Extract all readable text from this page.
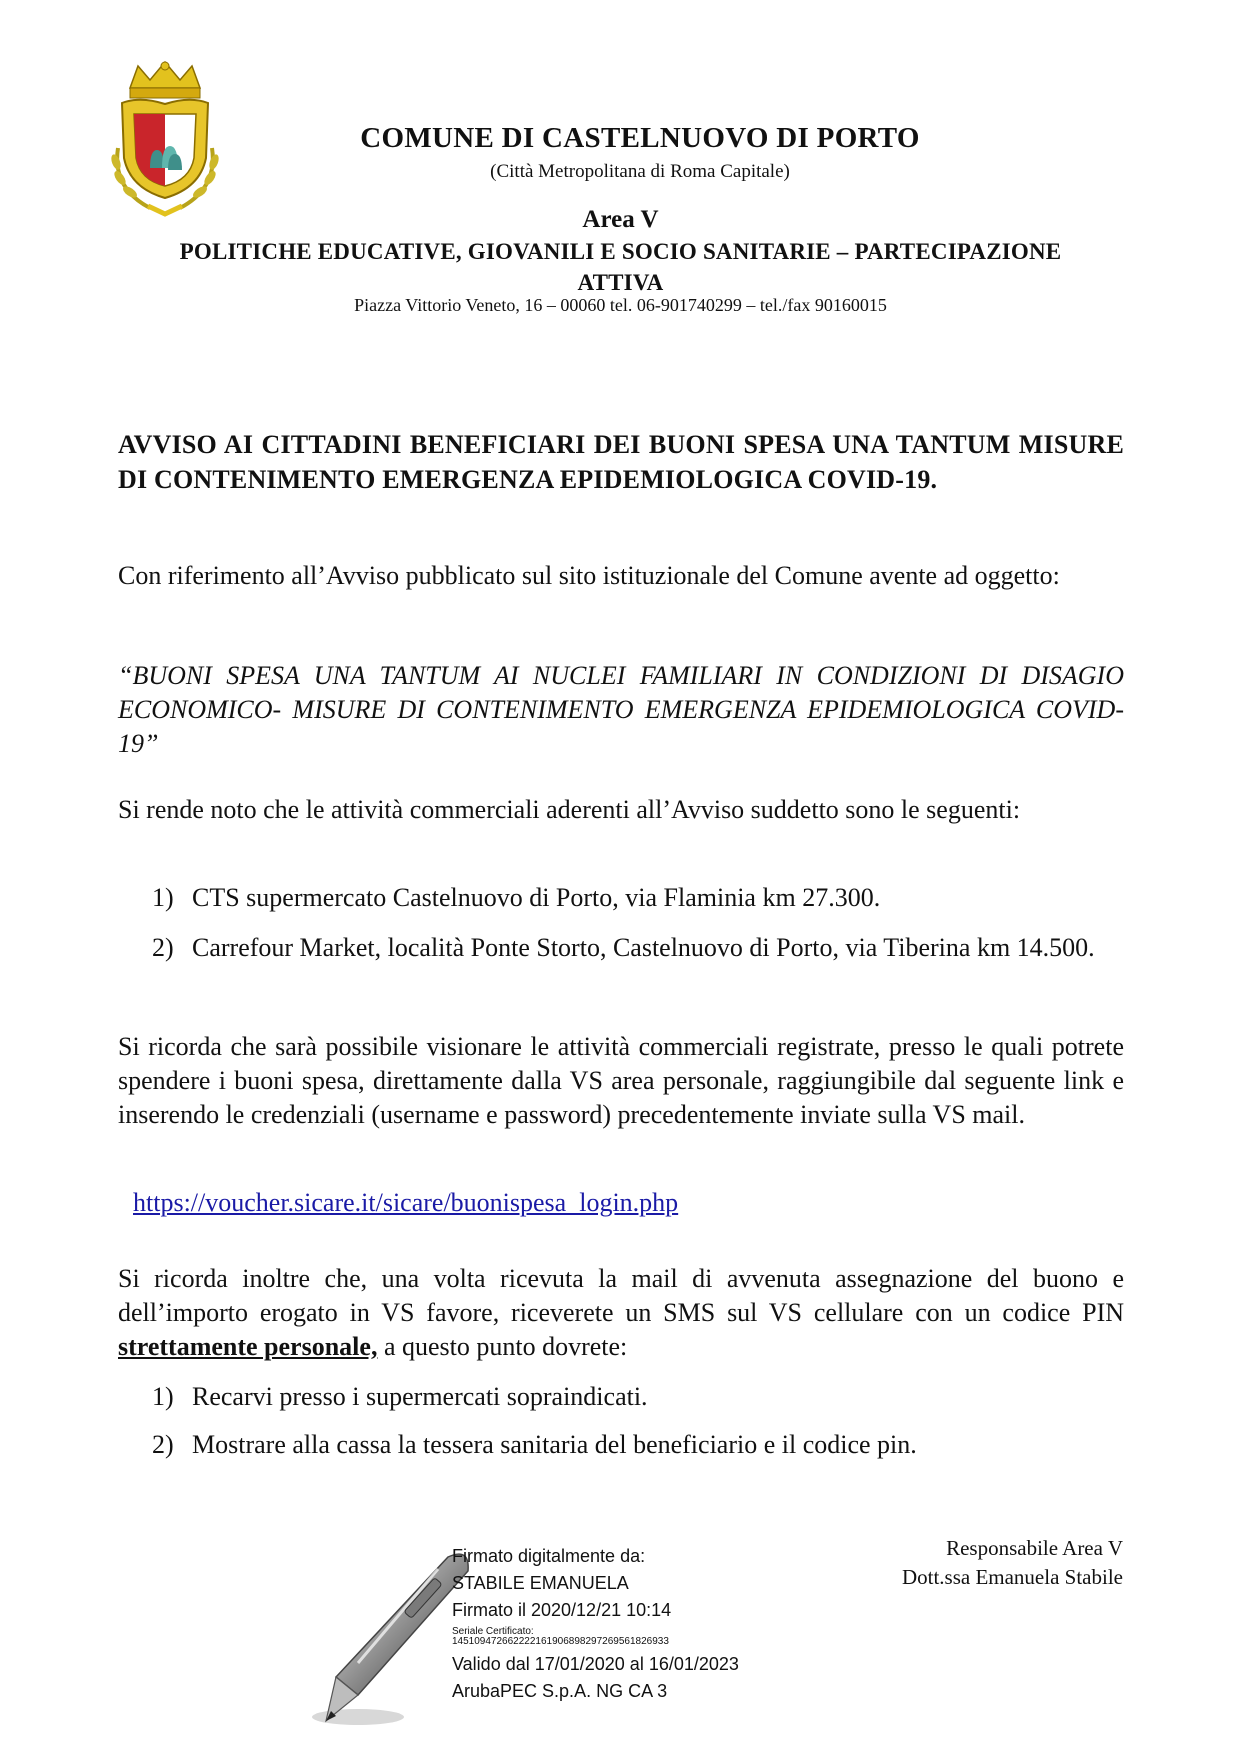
COMUNE DI CASTELNUOVO DI PORTO
(Città Metropolitana di Roma Capitale)
Area V
POLITICHE EDUCATIVE, GIOVANILI E SOCIO SANITARIE – PARTECIPAZIONE
ATTIVA
Piazza Vittorio Veneto, 16 – 00060 tel. 06-901740299 – tel./fax 90160015
AVVISO AI CITTADINI BENEFICIARI DEI BUONI SPESA UNA TANTUM MISURE DI CONTENIMENTO EMERGENZA EPIDEMIOLOGICA COVID-19.
Con riferimento all’Avviso pubblicato sul sito istituzionale del Comune avente ad oggetto:
“BUONI SPESA UNA TANTUM AI NUCLEI FAMILIARI IN CONDIZIONI DI DISAGIO ECONOMICO- MISURE DI CONTENIMENTO EMERGENZA EPIDEMIOLOGICA COVID-19”
Si rende noto che le attività commerciali aderenti all’Avviso suddetto sono le seguenti:
1) CTS supermercato Castelnuovo di Porto, via Flaminia km 27.300.
2) Carrefour Market, località Ponte Storto, Castelnuovo di Porto, via Tiberina km 14.500.
Si ricorda che sarà possibile visionare le attività commerciali registrate, presso le quali potrete spendere i buoni spesa, direttamente dalla VS area personale, raggiungibile dal seguente link e inserendo le credenziali (username e password) precedentemente inviate sulla VS mail.
https://voucher.sicare.it/sicare/buonispesa_login.php
Si ricorda inoltre che, una volta ricevuta la mail di avvenuta assegnazione del buono e dell’importo erogato in VS favore, riceverete un SMS sul VS cellulare con un codice PIN strettamente personale, a questo punto dovrete:
1) Recarvi presso i supermercati sopraindicati.
2) Mostrare alla cassa la tessera sanitaria del beneficiario e il codice pin.
Responsabile Area V
Dott.ssa Emanuela Stabile
Firmato digitalmente da:
STABILE EMANUELA
Firmato il 2020/12/21 10:14
Seriale Certificato:
145109472662222161906898297269561826933
Valido dal 17/01/2020 al 16/01/2023
ArubaPEC S.p.A. NG CA 3
